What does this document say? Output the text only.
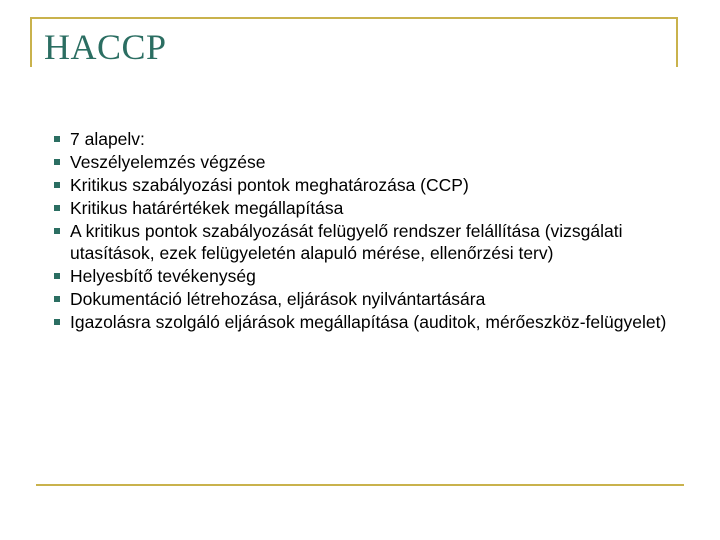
HACCP
7 alapelv:
Veszélyelemzés végzése
Kritikus szabályozási pontok meghatározása (CCP)
Kritikus határértékek megállapítása
A kritikus pontok szabályozását felügyelő rendszer felállítása (vizsgálati utasítások, ezek felügyeletén alapuló mérése, ellenőrzési terv)
Helyesbítő tevékenység
Dokumentáció létrehozása, eljárások nyilvántartására
Igazolásra szolgáló eljárások megállapítása (auditok, mérőeszköz-felügyelet)
